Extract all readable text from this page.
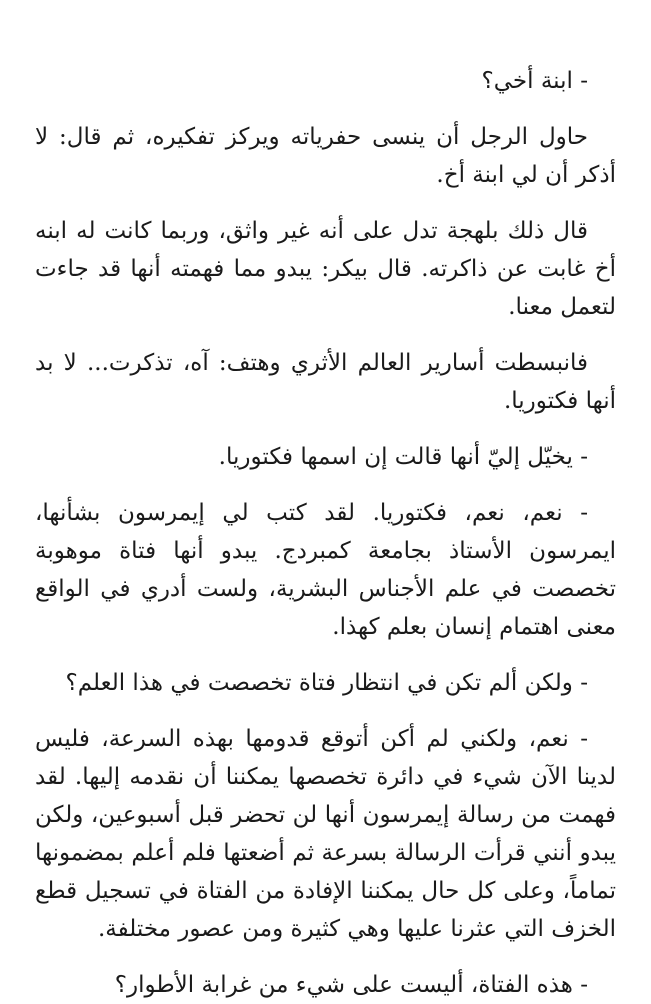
- ابنة أخي؟

حاول الرجل أن ينسى حفرياته ويركز تفكيره، ثم قال: لا أذكر أن لي ابنة أخ.

قال ذلك بلهجة تدل على أنه غير واثق، وربما كانت له ابنه أخ غابت عن ذاكرته. قال بيكر: يبدو مما فهمته أنها قد جاءت لتعمل معنا.

فانبسطت أسارير العالم الأثري وهتف: آه، تذكرت... لا بد أنها فكتوريا.

- يخيّل إليّ أنها قالت إن اسمها فكتوريا.

- نعم، نعم، فكتوريا. لقد كتب لي إيمرسون بشأنها، ايمرسون الأستاذ بجامعة كمبردج. يبدو أنها فتاة موهوبة تخصصت في علم الأجناس البشرية، ولست أدري في الواقع معنى اهتمام إنسان بعلم كهذا.

- ولكن ألم تكن في انتظار فتاة تخصصت في هذا العلم؟

- نعم، ولكني لم أكن أتوقع قدومها بهذه السرعة، فليس لدينا الآن شيء في دائرة تخصصها يمكننا أن نقدمه إليها. لقد فهمت من رسالة إيمرسون أنها لن تحضر قبل أسبوعين، ولكن يبدو أنني قرأت الرسالة بسرعة ثم أضعتها فلم أعلم بمضمونها تماماً، وعلى كل حال يمكننا الإفادة من الفتاة في تسجيل قطع الخزف التي عثرنا عليها وهي كثيرة ومن عصور مختلفة.

- هذه الفتاة، أليست على شيء من غرابة الأطوار؟
